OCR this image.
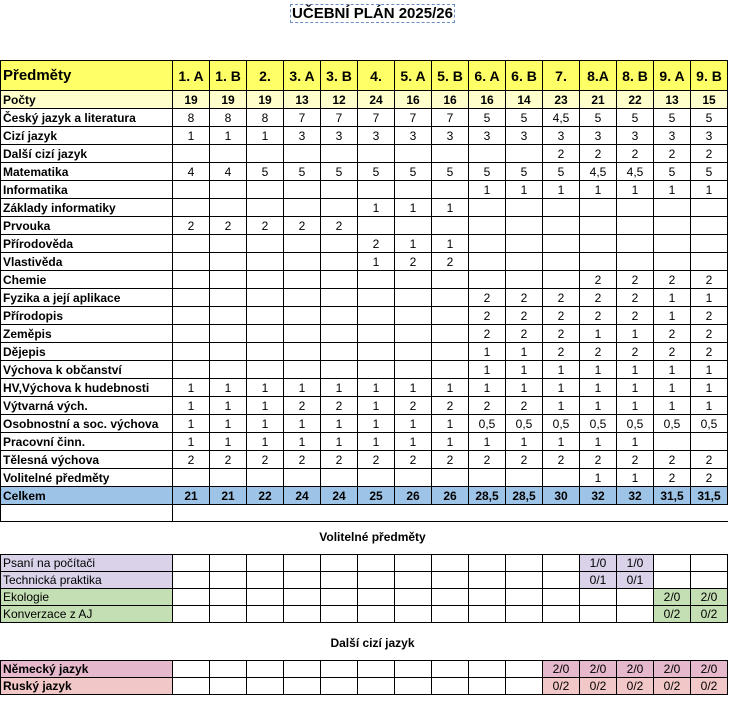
UČEBNÍ PLÁN 2025/26
Předměty	1. A	1. B	2.	3. A	3. B	4.	5. A	5. B	6. A	6. B	7.	8.A	8. B	9. A	9. B
Počty	19	19	19	13	12	24	16	16	16	14	23	21	22	13	15
Český jazyk a literatura	8	8	8	7	7	7	7	7	5	5	4,5	5	5	5	5
Cizí jazyk	1	1	1	3	3	3	3	3	3	3	3	3	3	3	3
Další cizí jazyk											2	2	2	2	2
Matematika	4	4	5	5	5	5	5	5	5	5	5	4,5	4,5	5	5
Informatika									1	1	1	1	1	1	1
Základy informatiky						1	1	1							
Prvouka	2	2	2	2	2										
Přírodověda						2	1	1							
Vlastivěda						1	2	2							
Chemie												2	2	2	2
Fyzika a její aplikace									2	2	2	2	2	1	1
Přírodopis									2	2	2	2	2	1	2
Zeměpis									2	2	2	1	1	2	2
Dějepis									1	1	2	2	2	2	2
Výchova k občanství									1	1	1	1	1	1	1
HV,Výchova k hudebnosti	1	1	1	1	1	1	1	1	1	1	1	1	1	1	1
Výtvarná vých.	1	1	1	2	2	1	2	2	2	2	1	1	1	1	1
Osobnostní a soc. výchova	1	1	1	1	1	1	1	1	0,5	0,5	0,5	0,5	0,5	0,5	0,5
Pracovní činn.	1	1	1	1	1	1	1	1	1	1	1	1	1		
Tělesná výchova	2	2	2	2	2	2	2	2	2	2	2	2	2	2	2
Volitelné předměty												1	1	2	2
Celkem	21	21	22	24	24	25	26	26	28,5	28,5	30	32	32	31,5	31,5

Volitelné předměty
Psaní na počítači												1/0	1/0		
Technická praktika												0/1	0/1		
Ekologie														2/0	2/0
Konverzace z AJ														0/2	0/2
Další cizí jazyk
Německý jazyk											2/0	2/0	2/0	2/0	2/0
Ruský jazyk											0/2	0/2	0/2	0/2	0/2
